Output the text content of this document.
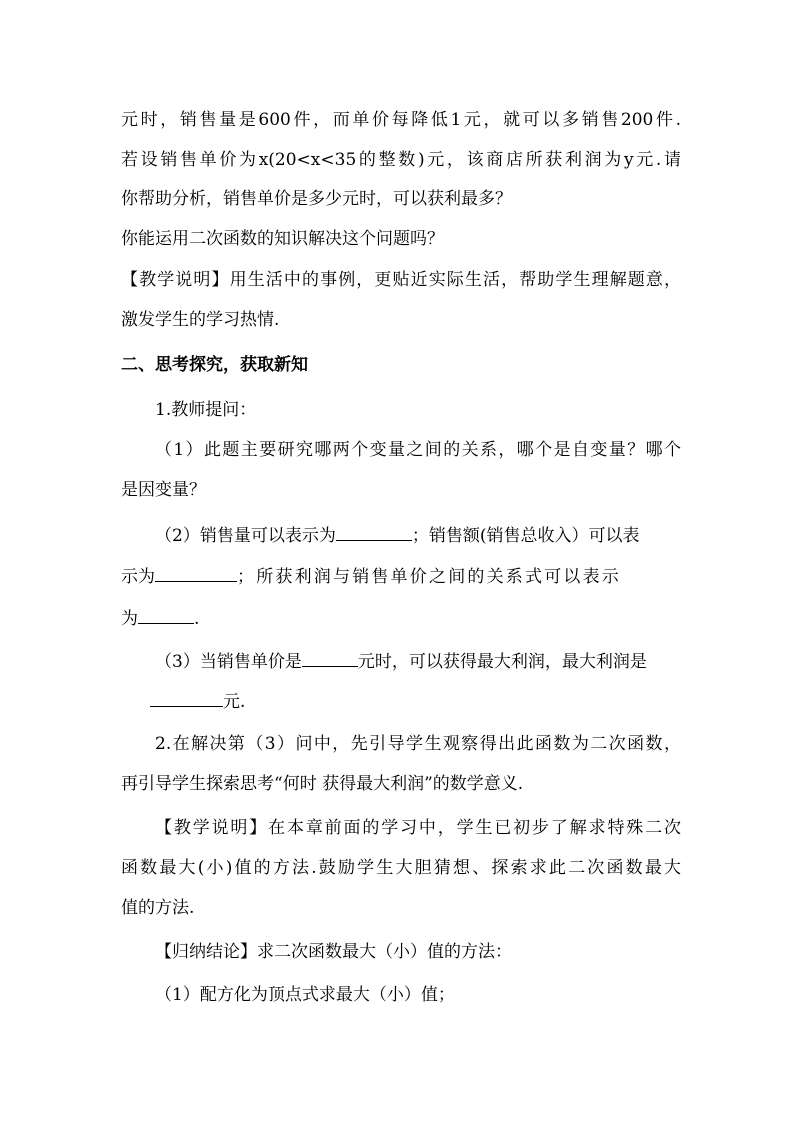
元时，销售量是600件，而单价每降低1元，就可以多销售200件.
若设销售单价为x(20<x<35的整数)元，该商店所获利润为y元.请
你帮助分析，销售单价是多少元时，可以获利最多？
你能运用二次函数的知识解决这个问题吗？
【教学说明】用生活中的事例，更贴近实际生活，帮助学生理解题意，
激发学生的学习热情.
二、思考探究，获取新知
1.教师提问：
（1）此题主要研究哪两个变量之间的关系，哪个是自变量？哪个
是因变量？
（2）销售量可以表示为	；销售额(销售总收入）可以表
示为	；所获利润与销售单价之间的关系式可以表示
为	.
（3）当销售单价是	元时，可以获得最大利润，最大利润是
元.
2.在解决第（3）问中，先引导学生观察得出此函数为二次函数，
再引导学生探索思考“何时 获得最大利润”的数学意义.
【教学说明】在本章前面的学习中，学生已初步了解求特殊二次
函数最大(小)值的方法.鼓励学生大胆猜想、探索求此二次函数最大
值的方法.
【归纳结论】求二次函数最大（小）值的方法：
（1）配方化为顶点式求最大（小）值；
